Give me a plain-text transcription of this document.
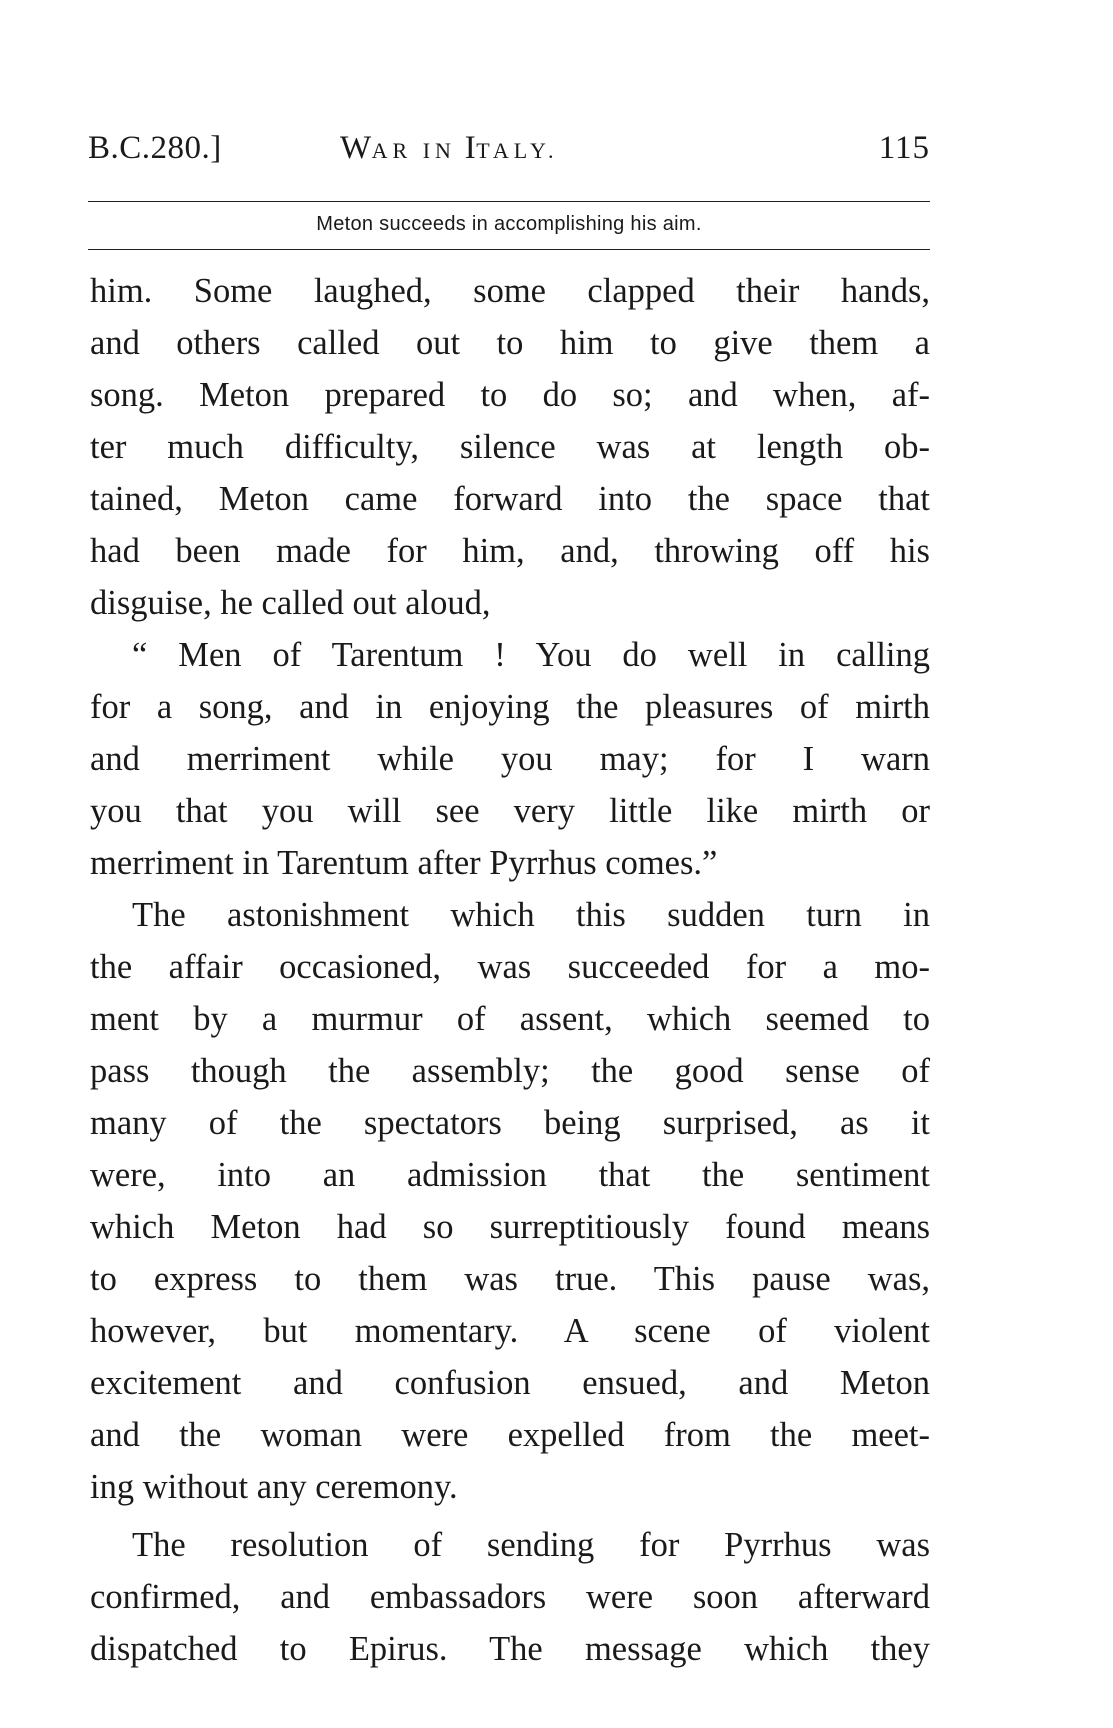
B.C.280.]	WAR IN ITALY.	115
Meton succeeds in accomplishing his aim.
him. Some laughed, some clapped their hands,
and others called out to him to give them a
song. Meton prepared to do so; and when, af-
ter much difficulty, silence was at length ob-
tained, Meton came forward into the space that
had been made for him, and, throwing off his
disguise, he called out aloud,
“ Men of Tarentum ! You do well in calling
for a song, and in enjoying the pleasures of mirth
and merriment while you may; for I warn
you that you will see very little like mirth or
merriment in Tarentum after Pyrrhus comes.”
The astonishment which this sudden turn in
the affair occasioned, was succeeded for a mo-
ment by a murmur of assent, which seemed to
pass though the assembly; the good sense of
many of the spectators being surprised, as it
were, into an admission that the sentiment
which Meton had so surreptitiously found means
to express to them was true. This pause was,
however, but momentary. A scene of violent
excitement and confusion ensued, and Meton
and the woman were expelled from the meet-
ing without any ceremony.
The resolution of sending for Pyrrhus was
confirmed, and embassadors were soon afterward
dispatched to Epirus. The message which they
